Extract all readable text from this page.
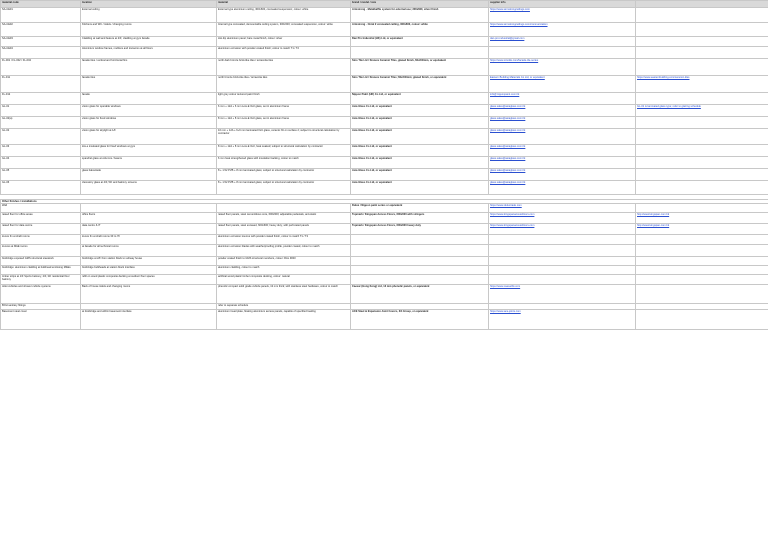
material code	location	material	brand / model / size	supplier info	
SA-CE01	External ceiling	External type aluminium ceiling, 300x600, concealed suspension; colour: white	Armstrong - Metalbaffle system for external use; 300x600, silver finish	https://www.armstrongceilings.com	
SA-CE02	Kitchens and WC / toilets / changing rooms	Internal type concealed, demountable ceiling system, 300x600; concealed suspension, colour: white	Armstrong - Orcal 2 concealed ceiling, 300x600, colour: white	https://www.armstrongceilings.com/commercial/en	
SA-CE03	Cladding at wall and feature at 2/F; cladding at gym facade	Hot dip aluminium panel; bare metal finish, colour: silver	Dan Pro Industrial (HK) Ltd, or equivalent	dan.pro.industrial@gmail.com	
SA-CE04	Aluminium window frames, mullions and transoms at all floors	aluminium extrusion with powder coated finish; colour to match T1 / T2			
FL-001 / FL-002 / FL-004	facade tiles / vertical and horizontal fins	north dark bronze brick-like tiles / terracotta tiles	Sino Tile Ltd / Sincere Ceramic Tiles, glazed finish, 60x240mm, or equivalent	https://www.sinotile.com/facade-tile-series	
FL-011	facade tiles	north bronze brick-like tiles / terracotta tiles	Sino Tile Ltd / Sincere Ceramic Tiles; 60x240mm; glazed finish, or equivalent	Eastern Building Materials Co Ltd, or equivalent	https://www.easternbuilding.com/ceramic-tiles
FL-012	facade	light grey colour textured paint finish	Nippon Paint (HK) Co Ltd, or equivalent	info@nipponpaint.com.hk	
GL-01	vision glass for operable windows	6 mm + 12A + 6 mm Low-E IGU glass, set in aluminium frame	Asia Glass Co Ltd, or equivalent	glass.sales@asiaglass.com.hk	GL-01 is laminated glass type; refer to glazing schedule
GL-02(a)	vision glass for fixed windows	8 mm + 12A + 8 mm Low-E IGU glass, set in aluminium frame	Asia Glass Co Ltd, or equivalent	glass.sales@asiaglass.com.hk	
GL-02	vision glass for skylight at 1/F	10 mm + 12A + 6+6 mm laminated IGU glass, ceramic frit on surface 2; subject to structural calculation by contractor	Asia Glass Co Ltd, or equivalent	glass.sales@asiaglass.com.hk	
GL-03	low-e insulated glass for fixed windows at gym	8 mm + 12A + 8 mm Low-E IGU, heat soaked; subject to structural calculation by contractor	Asia Glass Co Ltd, or equivalent	glass.sales@asiaglass.com.hk	
GL-04	spandrel glass at columns / beams	6 mm heat strengthened glass with insulation backing, colour to match	Asia Glass Co Ltd, or equivalent	glass.sales@asiaglass.com.hk	
GL-05	glass balustrade	8 + 1.52 PVB + 8 mm laminated glass; subject to structural calculation by contractor	Asia Glass Co Ltd, or equivalent	glass.sales@asiaglass.com.hk	
GL-06	clerestory glass at 4/F, 5/F and balcony screens	8 + 1.52 PVB + 8 mm laminated glass; subject to structural calculation by contractor	Asia Glass Co Ltd, or equivalent	glass.sales@asiaglass.com.hk	

Other finishes / installations					
Wall			Dulux / Nippon paint series or equivalent	https://www.duluxtrade.com	
raised floor for office areas	office floors	raised floor panels, steel cementitious core, 600x600; adjustable pedestals, anti-static	Topmark / Kingspan Access Floors, 600x600 with stringers	https://www.kingspanaccessfloors.com	http://www.kingspan.com.hk
raised floor for data centre	data centre & IT	raised floor panels, steel encased, 600x600; heavy duty; with perforated panels	Topmark / Kingspan Access Floors, 600x600 heavy duty	https://www.kingspanaccessfloors.com	http://www.kingspan.com.hk
louvre fin at shaft rooms	louvre fin at shaft rooms 3F to 7F	aluminium extrusion louvres with powder coated finish, colour to match T1 / T2			
louvres at M&E rooms	at facade for all technical rooms	aluminium extrusion blades with weatherproofing profile, powder coated, colour to match			
footbridge exposed GMS structural steelwork	footbridge at 2/F from station block to subway house	powder coated finish to GMS structural members, colour: RAL 9003			
footbridge: aluminium cladding at bulkhead enclosing M&Es	footbridge bulkheads at station block interface	aluminium cladding, colour to match			
timber strips at 1/F Sports balcony, 2/F, 3/F residential floor balcony	refill on wood plastic composite decking at outdoor floor spaces	artificial wood plastic timber composite decking, colour: natural			
toilet cubicles and shower cubicle systems	Back of house toilets and changing rooms	phenolic compact solid grade cubicle panels, 13 mm thick; with stainless steel hardware, colour to match	Caesar (Hong Kong) Ltd, 13 mm phenolic panels, or equivalent	https://www.caesarhk.com	
BOH sanitary fittings		refer to separate schedule			
Basement steel cover	at footbridge and within basement interface	aluminium tread plate, floating aluminium access panels, capable of specified loading	ACE Steel & Expansion Joint Covers, 3/4 Group, or equivalent	https://www.ace-joints.com	
